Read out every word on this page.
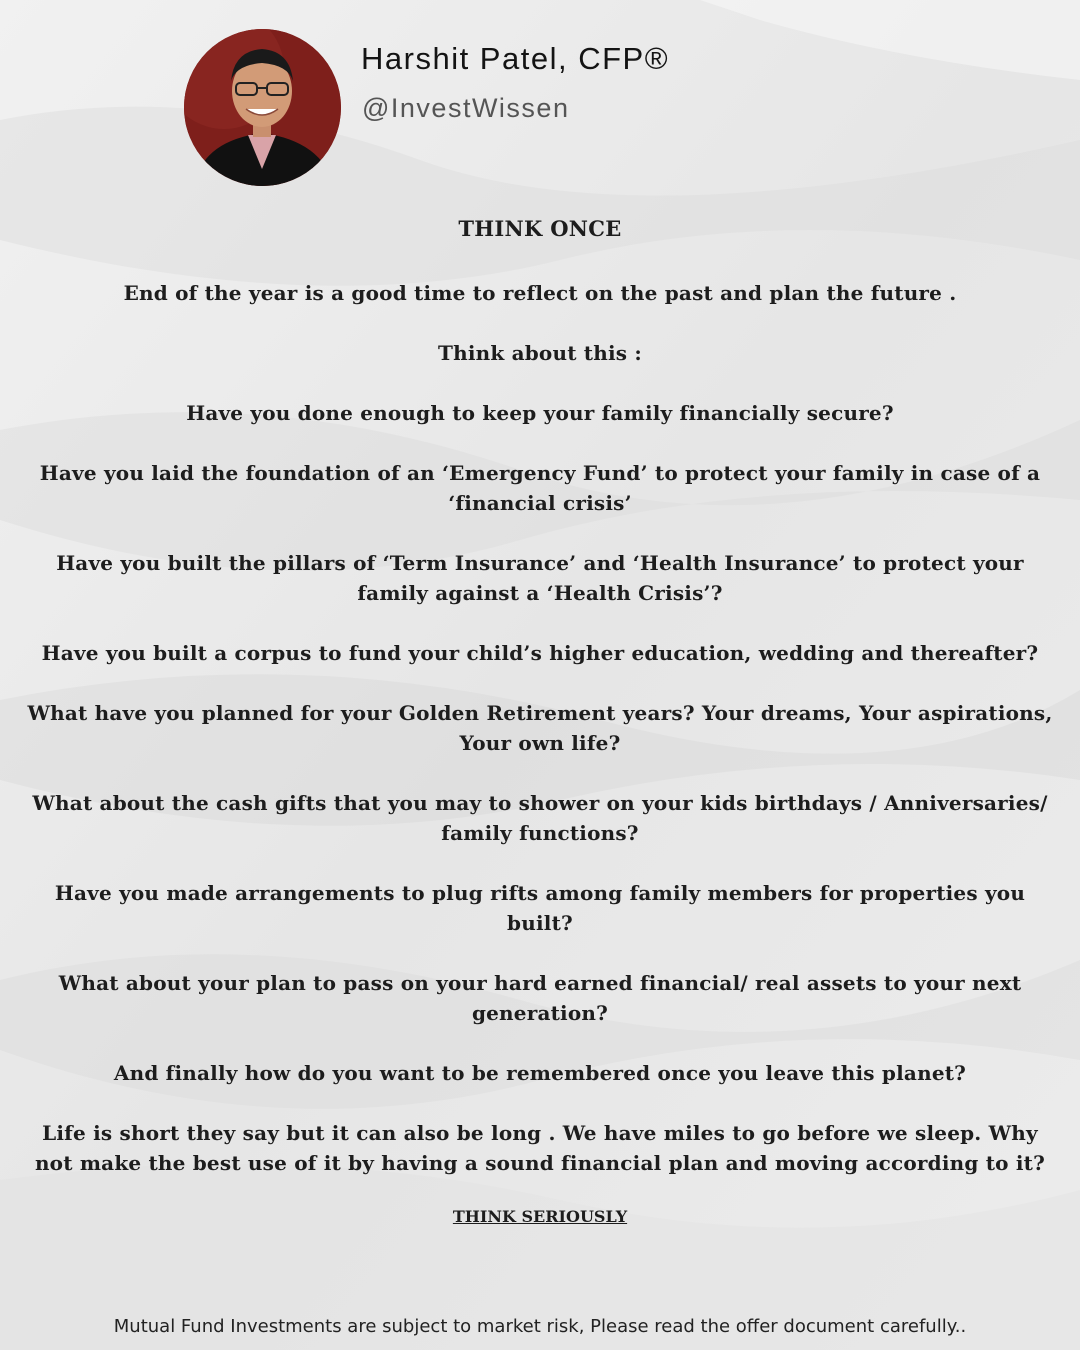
Harshit Patel, CFP®
@InvestWissen
THINK ONCE

End of the year is a good time to reflect on the past and plan the future .

Think about this :

Have you done enough to keep your family financially secure?

Have you laid the foundation of an ‘Emergency Fund’ to protect your family in case of a ‘financial crisis’

Have you built the pillars of ‘Term Insurance’ and ‘Health Insurance’ to protect your family against a ‘Health Crisis’?

Have you built a corpus to fund your child’s higher education, wedding and thereafter?

What have you planned for your Golden Retirement years? Your dreams, Your aspirations, Your own life?

What about the cash gifts that you may to shower on your kids birthdays / Anniversaries/ family functions?

Have you made arrangements to plug rifts among family members for properties you built?

What about your plan to pass on your hard earned financial/ real assets to your next generation?

And finally how do you want to be remembered once you leave this planet?

Life is short they say but it can also be long . We have miles to go before we sleep. Why not make the best use of it by having a sound financial plan and moving according to it?

THINK SERIOUSLY
Mutual Fund Investments are subject to market risk, Please read the offer document carefully..
